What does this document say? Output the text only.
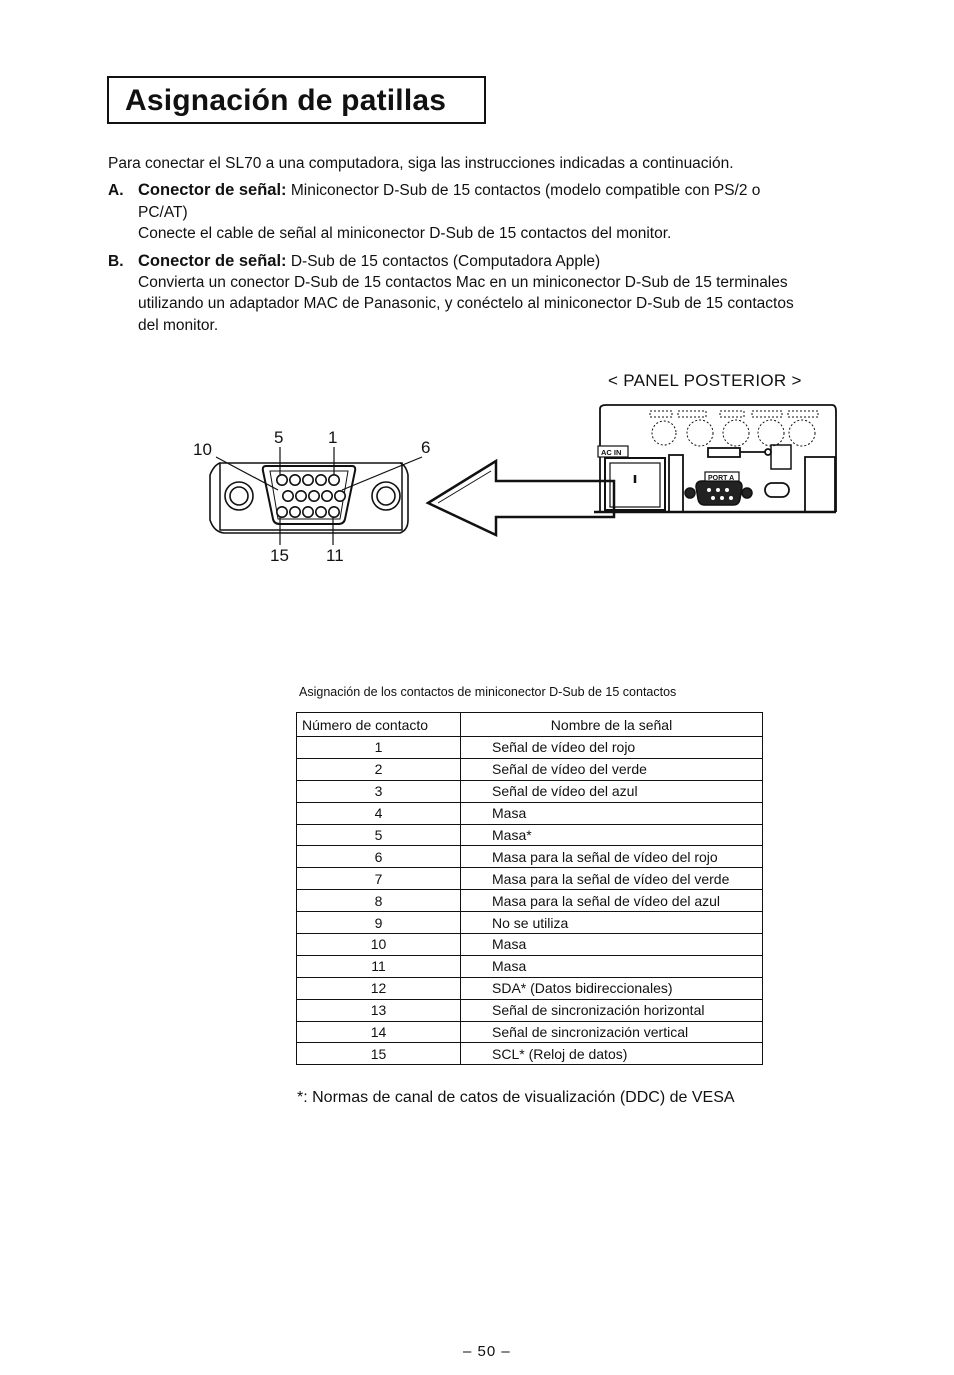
Asignación de patillas
Para conectar el SL70 a una computadora, siga las instrucciones indicadas a continuación.
A. Conector de señal: Miniconector D-Sub de 15 contactos (modelo compatible con PS/2 o
PC/AT)
Conecte el cable de señal al miniconector D-Sub de 15 contactos del monitor.
B. Conector de señal: D-Sub de 15 contactos (Computadora Apple)
Convierta un conector D-Sub de 15 contactos Mac en un miniconector D-Sub de 15 terminales
utilizando un adaptador MAC de Panasonic, y conéctelo al miniconector D-Sub de 15 contactos
del monitor.
< PANEL POSTERIOR >
10
5	1
6
15 11
AC IN
PORT A
Asignación de los contactos de miniconector D-Sub de 15 contactos
Número de contacto	Nombre de la señal
1	Señal de vídeo del rojo
2	Señal de vídeo del verde
3	Señal de vídeo del azul
4	Masa
5	Masa*
6	Masa para la señal de vídeo del rojo
7	Masa para la señal de vídeo del verde
8	Masa para la señal de vídeo del azul
9	No se utiliza
10	Masa
11	Masa
12	SDA* (Datos bidireccionales)
13	Señal de sincronización horizontal
14	Señal de sincronización vertical
15	SCL* (Reloj de datos)
*: Normas de canal de catos de visualización (DDC) de VESA
– 50 –
